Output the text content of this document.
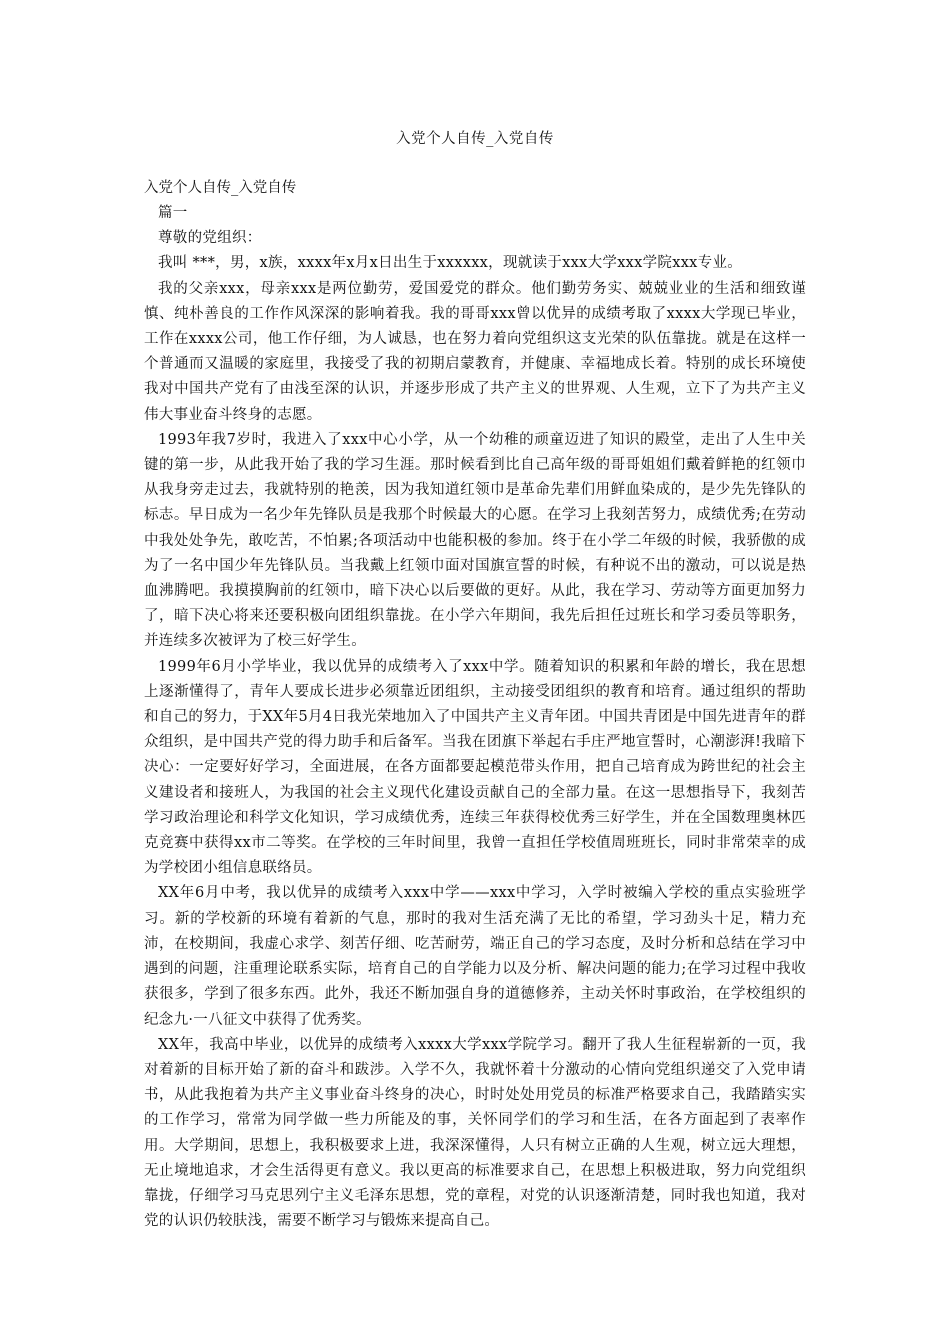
入党个人自传_入党自传

入党个人自传_入党自传

篇一

尊敬的党组织：

我叫 ***，男，x族，xxxx年x月x日出生于xxxxxx，现就读于xxx大学xxx学院xxx专业。

我的父亲xxx，母亲xxx是两位勤劳，爱国爱党的群众。他们勤劳务实、兢兢业业的生活和细致谨慎、纯朴善良的工作作风深深的影响着我。我的哥哥xxx曾以优异的成绩考取了xxxx大学现已毕业，工作在xxxx公司，他工作仔细，为人诚恳，也在努力着向党组织这支光荣的队伍靠拢。就是在这样一个普通而又温暖的家庭里，我接受了我的初期启蒙教育，并健康、幸福地成长着。特别的成长环境使我对中国共产党有了由浅至深的认识，并逐步形成了共产主义的世界观、人生观，立下了为共产主义伟大事业奋斗终身的志愿。

1993年我7岁时，我进入了xxx中心小学，从一个幼稚的顽童迈进了知识的殿堂，走出了人生中关键的第一步，从此我开始了我的学习生涯。那时候看到比自己高年级的哥哥姐姐们戴着鲜艳的红领巾从我身旁走过去，我就特别的艳羡，因为我知道红领巾是革命先辈们用鲜血染成的，是少先先锋队的标志。早日成为一名少年先锋队员是我那个时候最大的心愿。在学习上我刻苦努力，成绩优秀;在劳动中我处处争先，敢吃苦，不怕累;各项活动中也能积极的参加。终于在小学二年级的时候，我骄傲的成为了一名中国少年先锋队员。当我戴上红领巾面对国旗宣誓的时候，有种说不出的激动，可以说是热血沸腾吧。我摸摸胸前的红领巾，暗下决心以后要做的更好。从此，我在学习、劳动等方面更加努力了，暗下决心将来还要积极向团组织靠拢。在小学六年期间，我先后担任过班长和学习委员等职务，并连续多次被评为了校三好学生。

1999年6月小学毕业，我以优异的成绩考入了xxx中学。随着知识的积累和年龄的增长，我在思想上逐渐懂得了，青年人要成长进步必须靠近团组织，主动接受团组织的教育和培育。通过组织的帮助和自己的努力，于XX年5月4日我光荣地加入了中国共产主义青年团。中国共青团是中国先进青年的群众组织，是中国共产党的得力助手和后备军。当我在团旗下举起右手庄严地宣誓时，心潮澎湃!我暗下决心：一定要好好学习，全面进展，在各方面都要起模范带头作用，把自己培育成为跨世纪的社会主义建设者和接班人，为我国的社会主义现代化建设贡献自己的全部力量。在这一思想指导下，我刻苦学习政治理论和科学文化知识，学习成绩优秀，连续三年获得校优秀三好学生，并在全国数理奥林匹克竞赛中获得xx市二等奖。在学校的三年时间里，我曾一直担任学校值周班班长，同时非常荣幸的成为学校团小组信息联络员。

XX年6月中考，我以优异的成绩考入xxx中学——xxx中学习，入学时被编入学校的重点实验班学习。新的学校新的环境有着新的气息，那时的我对生活充满了无比的希望，学习劲头十足，精力充沛，在校期间，我虚心求学、刻苦仔细、吃苦耐劳，端正自己的学习态度，及时分析和总结在学习中遇到的问题，注重理论联系实际，培育自己的自学能力以及分析、解决问题的能力;在学习过程中我收获很多，学到了很多东西。此外，我还不断加强自身的道德修养，主动关怀时事政治，在学校组织的纪念九·一八征文中获得了优秀奖。

XX年，我高中毕业，以优异的成绩考入xxxx大学xxx学院学习。翻开了我人生征程崭新的一页，我对着新的目标开始了新的奋斗和跋涉。入学不久，我就怀着十分激动的心情向党组织递交了入党申请书，从此我抱着为共产主义事业奋斗终身的决心，时时处处用党员的标准严格要求自己，我踏踏实实的工作学习，常常为同学做一些力所能及的事，关怀同学们的学习和生活，在各方面起到了表率作用。大学期间，思想上，我积极要求上进，我深深懂得，人只有树立正确的人生观，树立远大理想，无止境地追求，才会生活得更有意义。我以更高的标准要求自己，在思想上积极进取，努力向党组织靠拢，仔细学习马克思列宁主义毛泽东思想，党的章程，对党的认识逐渐清楚，同时我也知道，我对党的认识仍较肤浅，需要不断学习与锻炼来提高自己。
